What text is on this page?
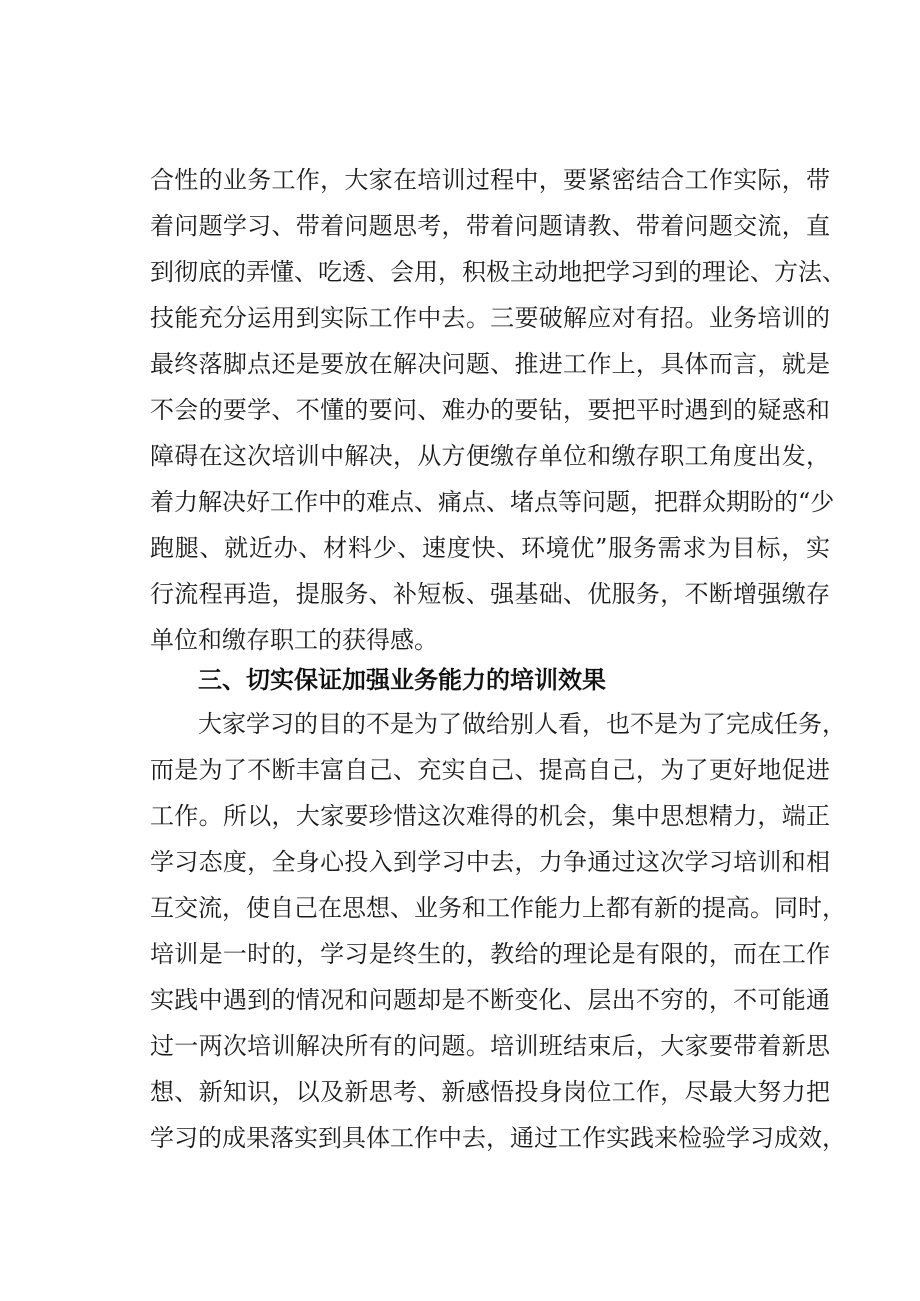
合性的业务工作，大家在培训过程中，要紧密结合工作实际，带
着问题学习、带着问题思考，带着问题请教、带着问题交流，直
到彻底的弄懂、吃透、会用，积极主动地把学习到的理论、方法、
技能充分运用到实际工作中去。三要破解应对有招。业务培训的
最终落脚点还是要放在解决问题、推进工作上，具体而言，就是
不会的要学、不懂的要问、难办的要钻，要把平时遇到的疑惑和
障碍在这次培训中解决，从方便缴存单位和缴存职工角度出发，
着力解决好工作中的难点、痛点、堵点等问题，把群众期盼的“少
跑腿、就近办、材料少、速度快、环境优”服务需求为目标，实
行流程再造，提服务、补短板、强基础、优服务，不断增强缴存
单位和缴存职工的获得感。
三、切实保证加强业务能力的培训效果
大家学习的目的不是为了做给别人看，也不是为了完成任务，
而是为了不断丰富自己、充实自己、提高自己，为了更好地促进
工作。所以，大家要珍惜这次难得的机会，集中思想精力，端正
学习态度，全身心投入到学习中去，力争通过这次学习培训和相
互交流，使自己在思想、业务和工作能力上都有新的提高。同时，
培训是一时的，学习是终生的，教给的理论是有限的，而在工作
实践中遇到的情况和问题却是不断变化、层出不穷的，不可能通
过一两次培训解决所有的问题。培训班结束后，大家要带着新思
想、新知识，以及新思考、新感悟投身岗位工作，尽最大努力把
学习的成果落实到具体工作中去，通过工作实践来检验学习成效，
